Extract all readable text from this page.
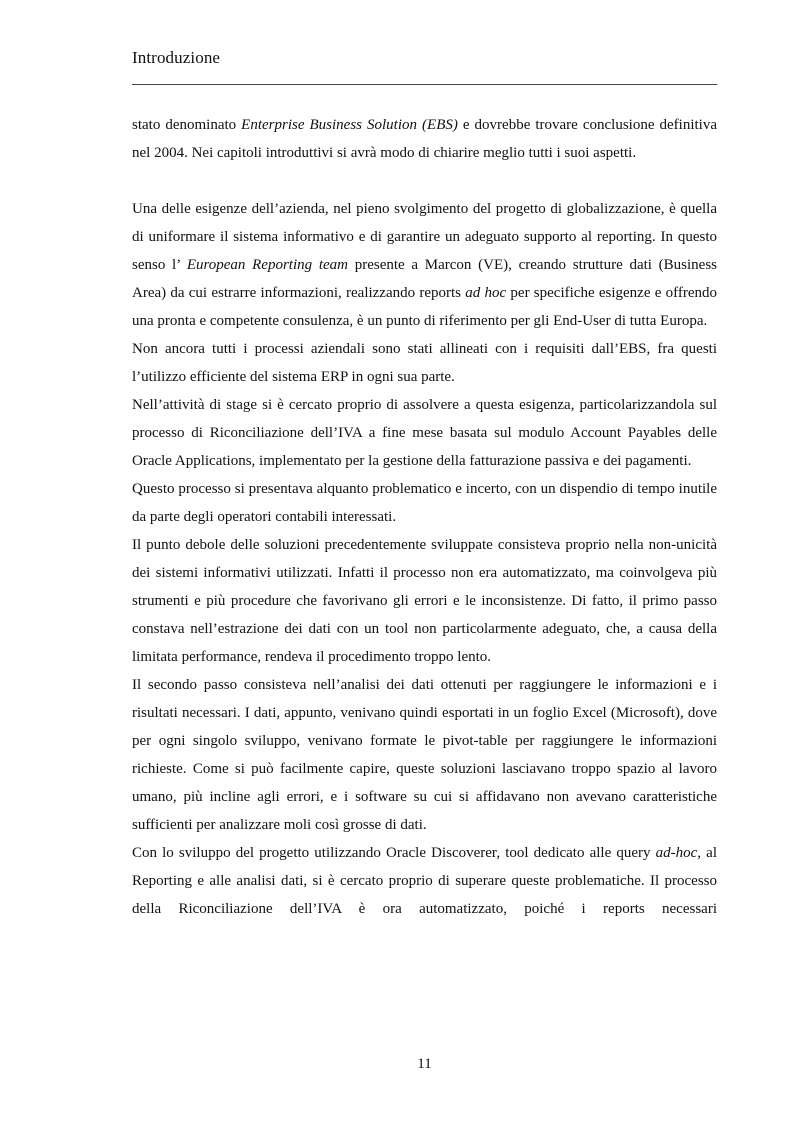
Introduzione

stato denominato Enterprise Business Solution (EBS) e dovrebbe trovare conclusione definitiva nel 2004. Nei capitoli introduttivi si avrà modo di chiarire meglio tutti i suoi aspetti.

Una delle esigenze dell’azienda, nel pieno svolgimento del progetto di globalizzazione, è quella di uniformare il sistema informativo e di garantire un adeguato supporto al reporting. In questo senso l’ European Reporting team presente a Marcon (VE), creando strutture dati (Business Area) da cui estrarre informazioni, realizzando reports ad hoc per specifiche esigenze e offrendo una pronta e competente consulenza, è un punto di riferimento per gli End-User di tutta Europa.

Non ancora tutti i processi aziendali sono stati allineati con i requisiti dall’EBS, fra questi l’utilizzo efficiente del sistema ERP in ogni sua parte.

Nell’attività di stage si è cercato proprio di assolvere a questa esigenza, particolarizzandola sul processo di Riconciliazione dell’IVA a fine mese basata sul modulo Account Payables delle Oracle Applications, implementato per la gestione della fatturazione passiva e dei pagamenti.

Questo processo si presentava alquanto problematico e incerto, con un dispendio di tempo inutile da parte degli operatori contabili interessati.

Il punto debole delle soluzioni precedentemente sviluppate consisteva proprio nella non-unicità dei sistemi informativi utilizzati. Infatti il processo non era automatizzato, ma coinvolgeva più strumenti e più procedure che favorivano gli errori e le inconsistenze. Di fatto, il primo passo constava nell’estrazione dei dati con un tool non particolarmente adeguato, che, a causa della limitata performance, rendeva il procedimento troppo lento.

Il secondo passo consisteva nell’analisi dei dati ottenuti per raggiungere le informazioni e i risultati necessari. I dati, appunto, venivano quindi esportati in un foglio Excel (Microsoft), dove per ogni singolo sviluppo, venivano formate le pivot-table per raggiungere le informazioni richieste. Come si può facilmente capire, queste soluzioni lasciavano troppo spazio al lavoro umano, più incline agli errori, e i software su cui si affidavano non avevano caratteristiche sufficienti per analizzare moli così grosse di dati.

Con lo sviluppo del progetto utilizzando Oracle Discoverer, tool dedicato alle query ad-hoc, al Reporting e alle analisi dati, si è cercato proprio di superare queste problematiche. Il processo della Riconciliazione dell’IVA è ora automatizzato, poiché i reports necessari

11
